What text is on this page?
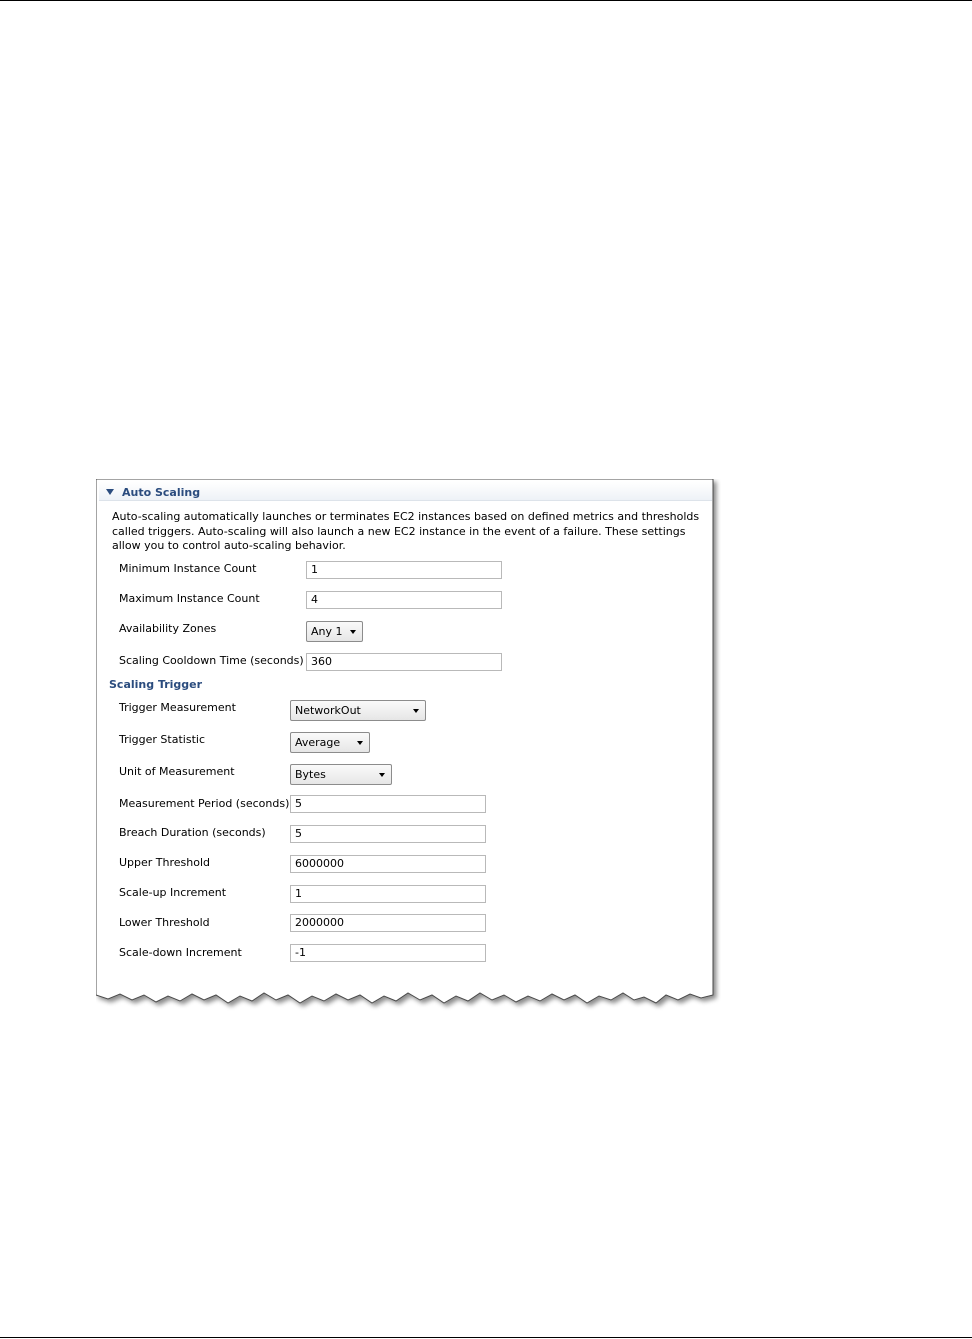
Auto Scaling
Auto-scaling automatically launches or terminates EC2 instances based on defined metrics and thresholds called triggers. Auto-scaling will also launch a new EC2 instance in the event of a failure. These settings allow you to control auto-scaling behavior.
Minimum Instance Count	1
Maximum Instance Count	4
Availability Zones	Any 1
Scaling Cooldown Time (seconds) 360
Scaling Trigger
Trigger Measurement	NetworkOut
Trigger Statistic	Average
Unit of Measurement	Bytes
Measurement Period (seconds) 5
Breach Duration (seconds)	5
Upper Threshold	6000000
Scale-up Increment	1
Lower Threshold	2000000
Scale-down Increment	-1
